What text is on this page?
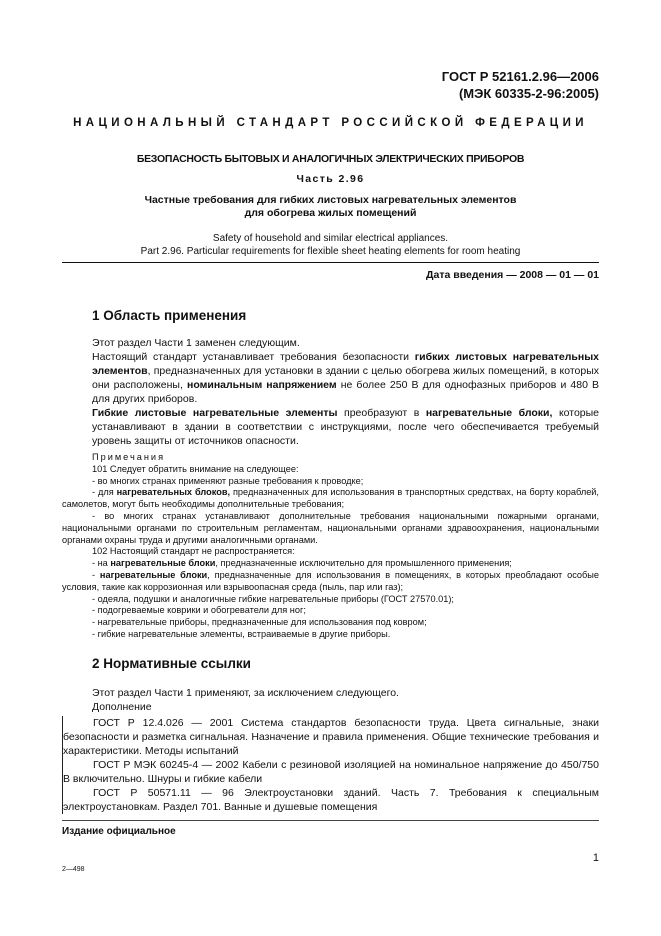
ГОСТ Р 52161.2.96—2006
(МЭК 60335-2-96:2005)
НАЦИОНАЛЬНЫЙ СТАНДАРТ РОССИЙСКОЙ ФЕДЕРАЦИИ
БЕЗОПАСНОСТЬ БЫТОВЫХ И АНАЛОГИЧНЫХ ЭЛЕКТРИЧЕСКИХ ПРИБОРОВ
Часть 2.96
Частные требования для гибких листовых нагревательных элементов
для обогрева жилых помещений
Safety of household and similar electrical appliances.
Part 2.96. Particular requirements for flexible sheet heating elements for room heating
Дата введения — 2008 — 01 — 01
1 Область применения

Этот раздел Части 1 заменен следующим.

Настоящий стандарт устанавливает требования безопасности гибких листовых нагревательных элементов, предназначенных для установки в здании с целью обогрева жилых помещений, в которых они расположены, номинальным напряжением не более 250 В для однофазных приборов и 480 В для других приборов.

Гибкие листовые нагревательные элементы преобразуют в нагревательные блоки, которые устанавливают в здании в соответствии с инструкциями, после чего обеспечивается требуемый уровень защиты от источников опасности.

Примечания

101 Следует обратить внимание на следующее:

- во многих странах применяют разные требования к проводке;

- для нагревательных блоков, предназначенных для использования в транспортных средствах, на борту кораблей, самолетов, могут быть необходимы дополнительные требования;

- во многих странах устанавливают дополнительные требования национальными пожарными органами, национальными органами по строительным регламентам, национальными органами здравоохранения, национальными органами охраны труда и другими аналогичными органами.

102 Настоящий стандарт не распространяется:

- на нагревательные блоки, предназначенные исключительно для промышленного применения;

- нагревательные блоки, предназначенные для использования в помещениях, в которых преобладают особые условия, такие как коррозионная или взрывоопасная среда (пыль, пар или газ);

- одеяла, подушки и аналогичные гибкие нагревательные приборы (ГОСТ 27570.01);

- подогреваемые коврики и обогреватели для ног;

- нагревательные приборы, предназначенные для использования под ковром;

- гибкие нагревательные элементы, встраиваемые в другие приборы.

2 Нормативные ссылки

Этот раздел Части 1 применяют, за исключением следующего.

Дополнение

ГОСТ Р 12.4.026 — 2001 Система стандартов безопасности труда. Цвета сигнальные, знаки безопасности и разметка сигнальная. Назначение и правила применения. Общие технические требования и характеристики. Методы испытаний

ГОСТ Р МЭК 60245-4 — 2002 Кабели с резиновой изоляцией на номинальное напряжение до 450/750 В включительно. Шнуры и гибкие кабели

ГОСТ Р 50571.11 — 96 Электроустановки зданий. Часть 7. Требования к специальным электроустановкам. Раздел 701. Ванные и душевые помещения

Издание официальное
2—498
1
